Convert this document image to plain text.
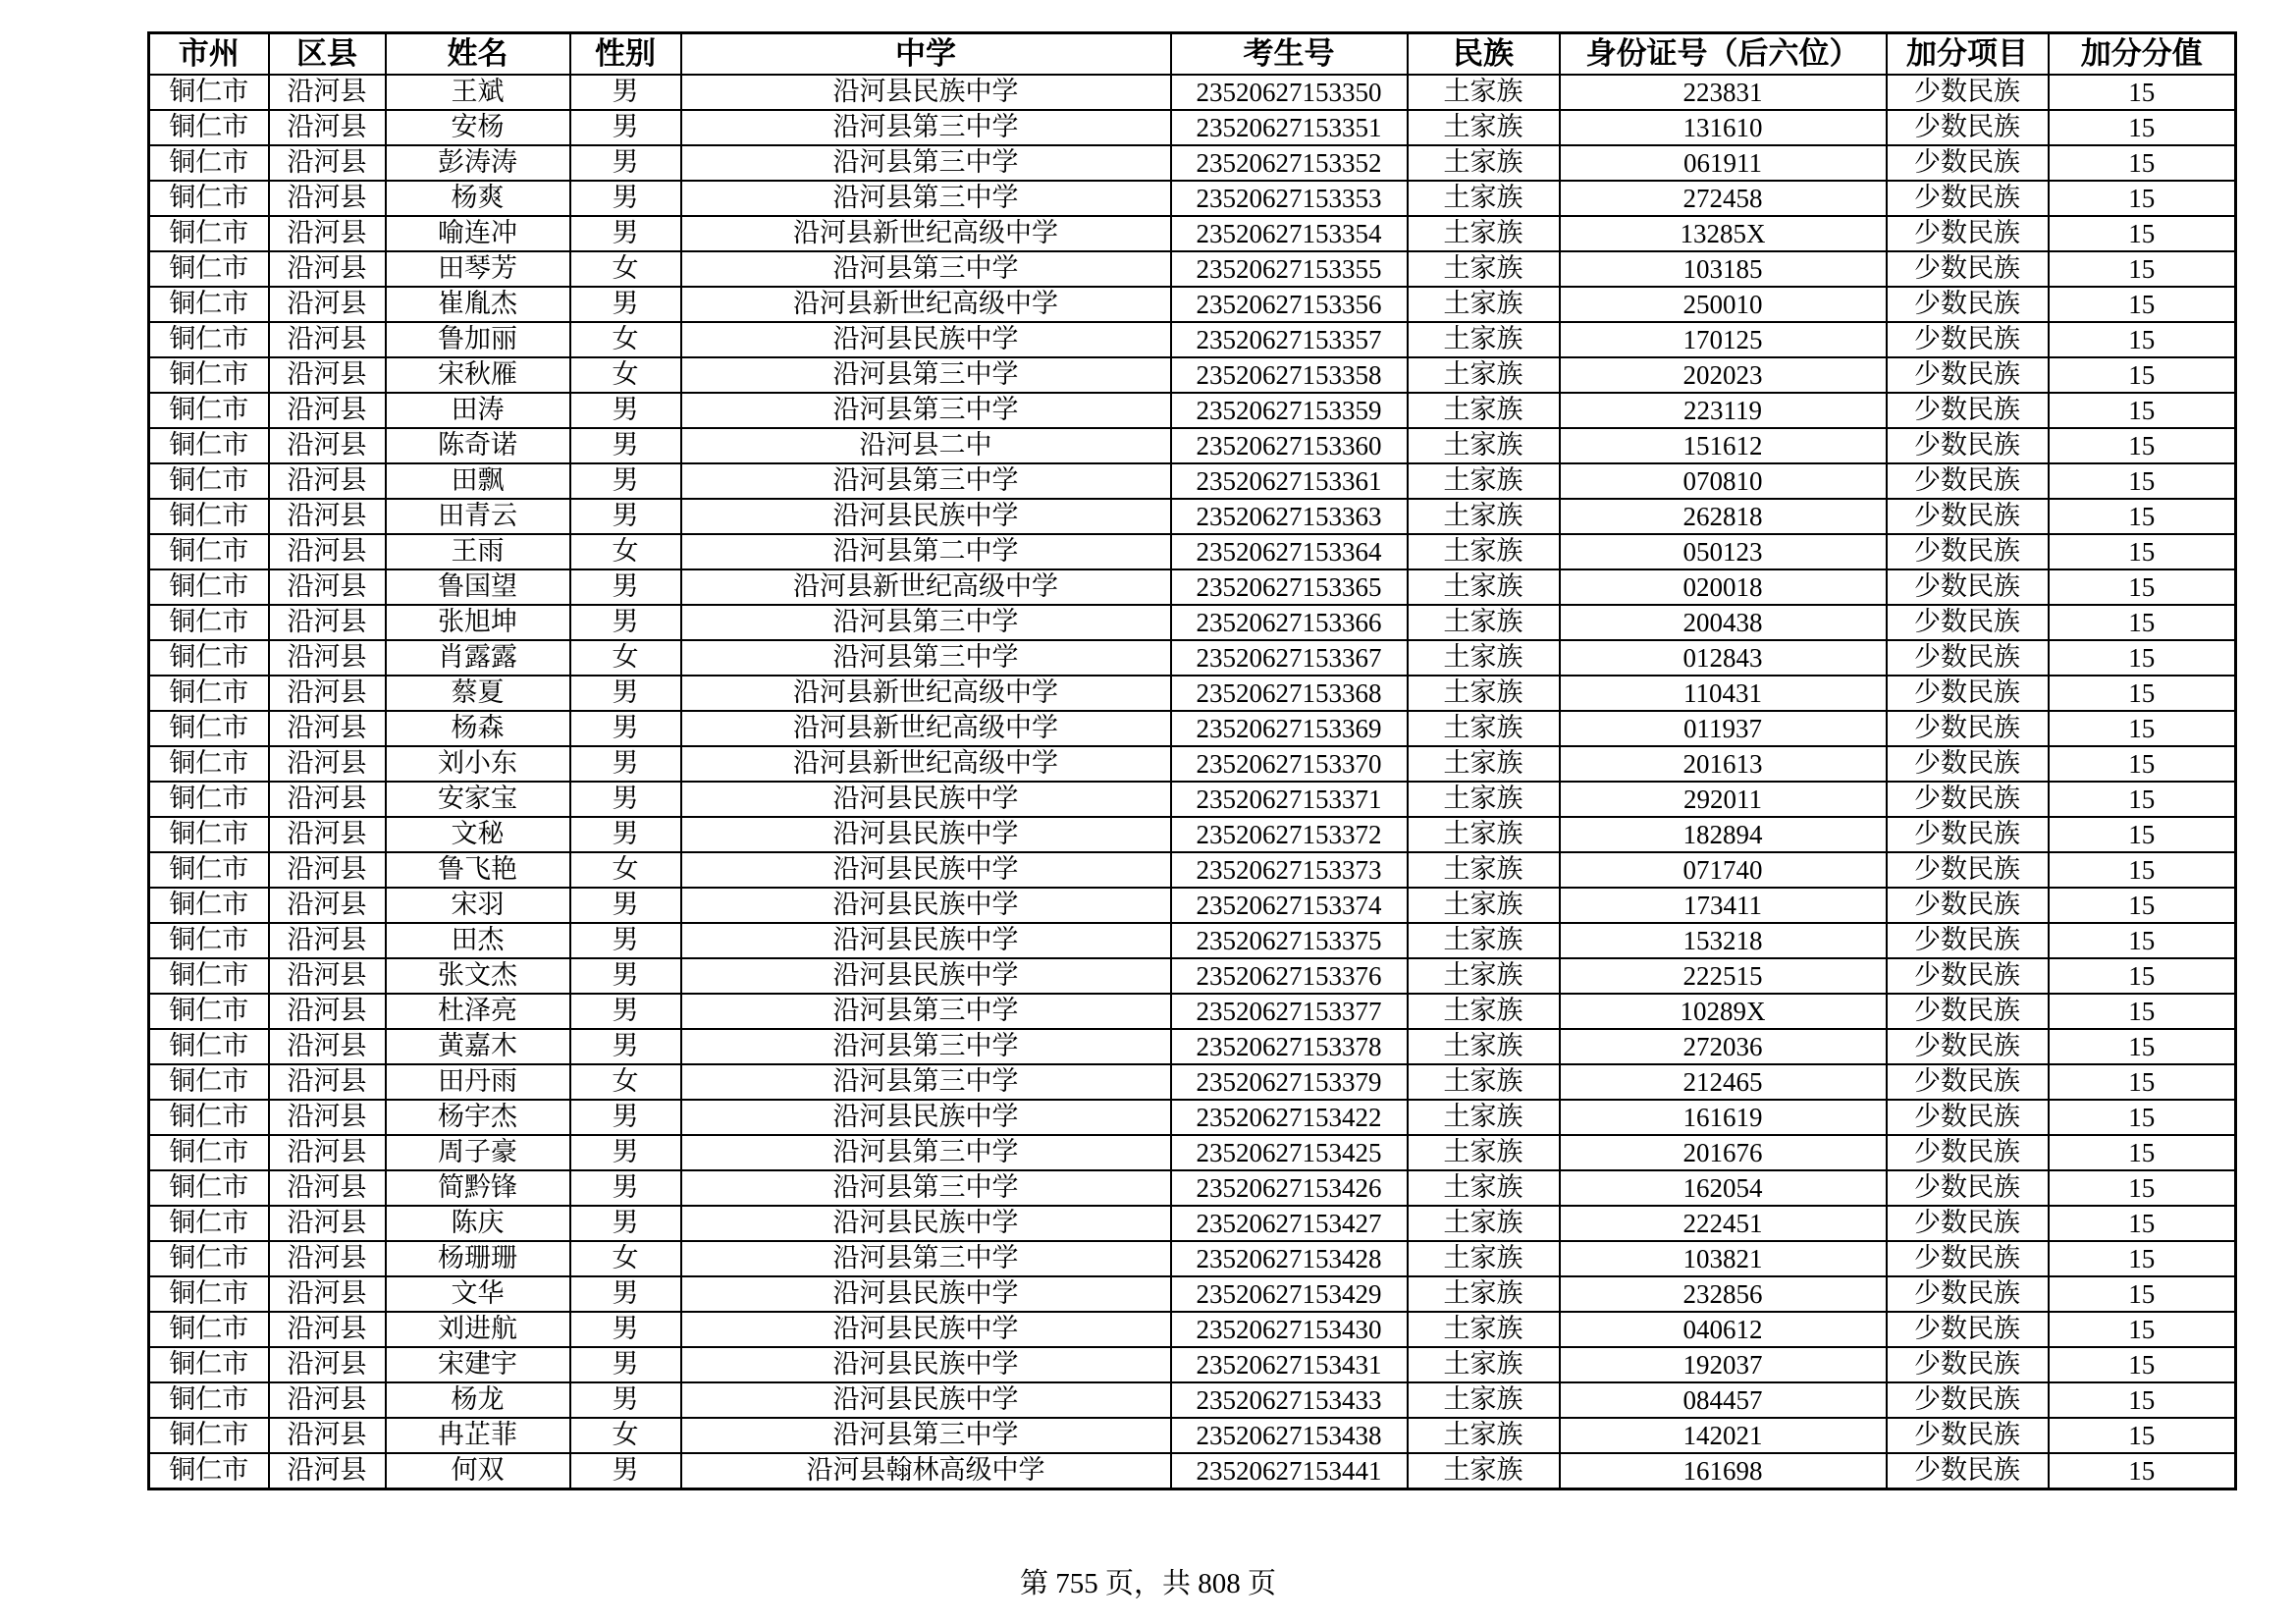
市州	区县	姓名	性别	中学	考生号	民族	身份证号（后六位）	加分项目	加分分值
铜仁市	沿河县	王斌	男	沿河县民族中学	23520627153350	土家族	223831	少数民族	15
铜仁市	沿河县	安杨	男	沿河县第三中学	23520627153351	土家族	131610	少数民族	15
铜仁市	沿河县	彭涛涛	男	沿河县第三中学	23520627153352	土家族	061911	少数民族	15
铜仁市	沿河县	杨爽	男	沿河县第三中学	23520627153353	土家族	272458	少数民族	15
铜仁市	沿河县	喻连冲	男	沿河县新世纪高级中学	23520627153354	土家族	13285X	少数民族	15
铜仁市	沿河县	田琴芳	女	沿河县第三中学	23520627153355	土家族	103185	少数民族	15
铜仁市	沿河县	崔胤杰	男	沿河县新世纪高级中学	23520627153356	土家族	250010	少数民族	15
铜仁市	沿河县	鲁加丽	女	沿河县民族中学	23520627153357	土家族	170125	少数民族	15
铜仁市	沿河县	宋秋雁	女	沿河县第三中学	23520627153358	土家族	202023	少数民族	15
铜仁市	沿河县	田涛	男	沿河县第三中学	23520627153359	土家族	223119	少数民族	15
铜仁市	沿河县	陈奇诺	男	沿河县二中	23520627153360	土家族	151612	少数民族	15
铜仁市	沿河县	田飘	男	沿河县第三中学	23520627153361	土家族	070810	少数民族	15
铜仁市	沿河县	田青云	男	沿河县民族中学	23520627153363	土家族	262818	少数民族	15
铜仁市	沿河县	王雨	女	沿河县第二中学	23520627153364	土家族	050123	少数民族	15
铜仁市	沿河县	鲁国望	男	沿河县新世纪高级中学	23520627153365	土家族	020018	少数民族	15
铜仁市	沿河县	张旭坤	男	沿河县第三中学	23520627153366	土家族	200438	少数民族	15
铜仁市	沿河县	肖露露	女	沿河县第三中学	23520627153367	土家族	012843	少数民族	15
铜仁市	沿河县	蔡夏	男	沿河县新世纪高级中学	23520627153368	土家族	110431	少数民族	15
铜仁市	沿河县	杨森	男	沿河县新世纪高级中学	23520627153369	土家族	011937	少数民族	15
铜仁市	沿河县	刘小东	男	沿河县新世纪高级中学	23520627153370	土家族	201613	少数民族	15
铜仁市	沿河县	安家宝	男	沿河县民族中学	23520627153371	土家族	292011	少数民族	15
铜仁市	沿河县	文秘	男	沿河县民族中学	23520627153372	土家族	182894	少数民族	15
铜仁市	沿河县	鲁飞艳	女	沿河县民族中学	23520627153373	土家族	071740	少数民族	15
铜仁市	沿河县	宋羽	男	沿河县民族中学	23520627153374	土家族	173411	少数民族	15
铜仁市	沿河县	田杰	男	沿河县民族中学	23520627153375	土家族	153218	少数民族	15
铜仁市	沿河县	张文杰	男	沿河县民族中学	23520627153376	土家族	222515	少数民族	15
铜仁市	沿河县	杜泽亮	男	沿河县第三中学	23520627153377	土家族	10289X	少数民族	15
铜仁市	沿河县	黄嘉木	男	沿河县第三中学	23520627153378	土家族	272036	少数民族	15
铜仁市	沿河县	田丹雨	女	沿河县第三中学	23520627153379	土家族	212465	少数民族	15
铜仁市	沿河县	杨宇杰	男	沿河县民族中学	23520627153422	土家族	161619	少数民族	15
铜仁市	沿河县	周子豪	男	沿河县第三中学	23520627153425	土家族	201676	少数民族	15
铜仁市	沿河县	简黔锋	男	沿河县第三中学	23520627153426	土家族	162054	少数民族	15
铜仁市	沿河县	陈庆	男	沿河县民族中学	23520627153427	土家族	222451	少数民族	15
铜仁市	沿河县	杨珊珊	女	沿河县第三中学	23520627153428	土家族	103821	少数民族	15
铜仁市	沿河县	文华	男	沿河县民族中学	23520627153429	土家族	232856	少数民族	15
铜仁市	沿河县	刘进航	男	沿河县民族中学	23520627153430	土家族	040612	少数民族	15
铜仁市	沿河县	宋建宇	男	沿河县民族中学	23520627153431	土家族	192037	少数民族	15
铜仁市	沿河县	杨龙	男	沿河县民族中学	23520627153433	土家族	084457	少数民族	15
铜仁市	沿河县	冉芷菲	女	沿河县第三中学	23520627153438	土家族	142021	少数民族	15
铜仁市	沿河县	何双	男	沿河县翰林高级中学	23520627153441	土家族	161698	少数民族	15
第 755 页，共 808 页
